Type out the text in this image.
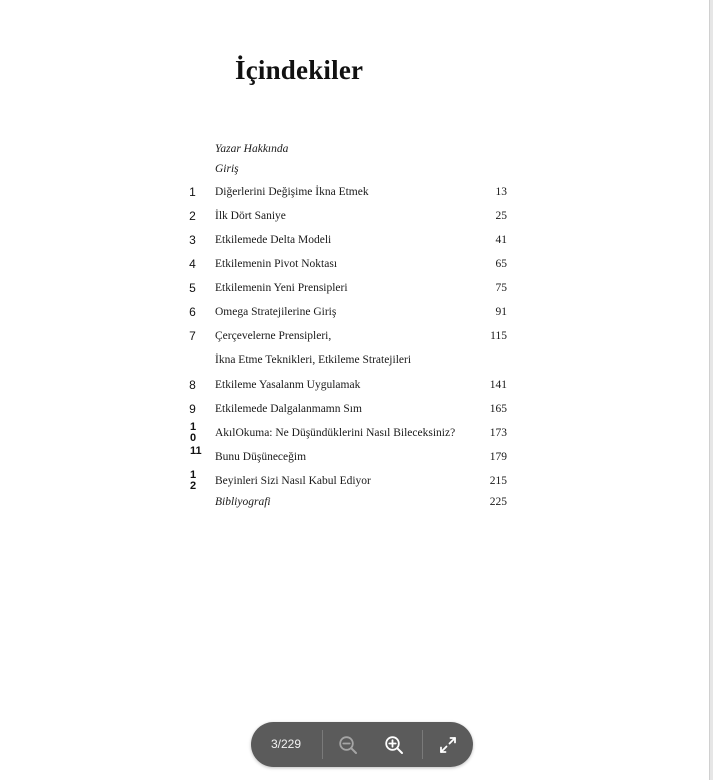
İçindekiler
Yazar Hakkında
Giriş
1	Diğerlerini Değişime İkna Etmek	13
2	İlk Dört Saniye	25
3	Etkilemede Delta Modeli	41
4	Etkilemenin Pivot Noktası	65
5	Etkilemenin Yeni Prensipleri	75
6	Omega Stratejilerine Giriş	91
7	Çerçevelerne Prensipleri,	115
İkna Etme Teknikleri, Etkileme Stratejileri
8	Etkileme Yasalanm Uygulamak	141
9	Etkilemede Dalgalanmamn Sım	165
10	AkılOkuma: Ne Düşündüklerini Nasıl Bileceksiniz?	173
11 Bunu Düşüneceğim	179
12	Beyinleri Sizi Nasıl Kabul Ediyor	215
Bibliyografi	225
3/229
